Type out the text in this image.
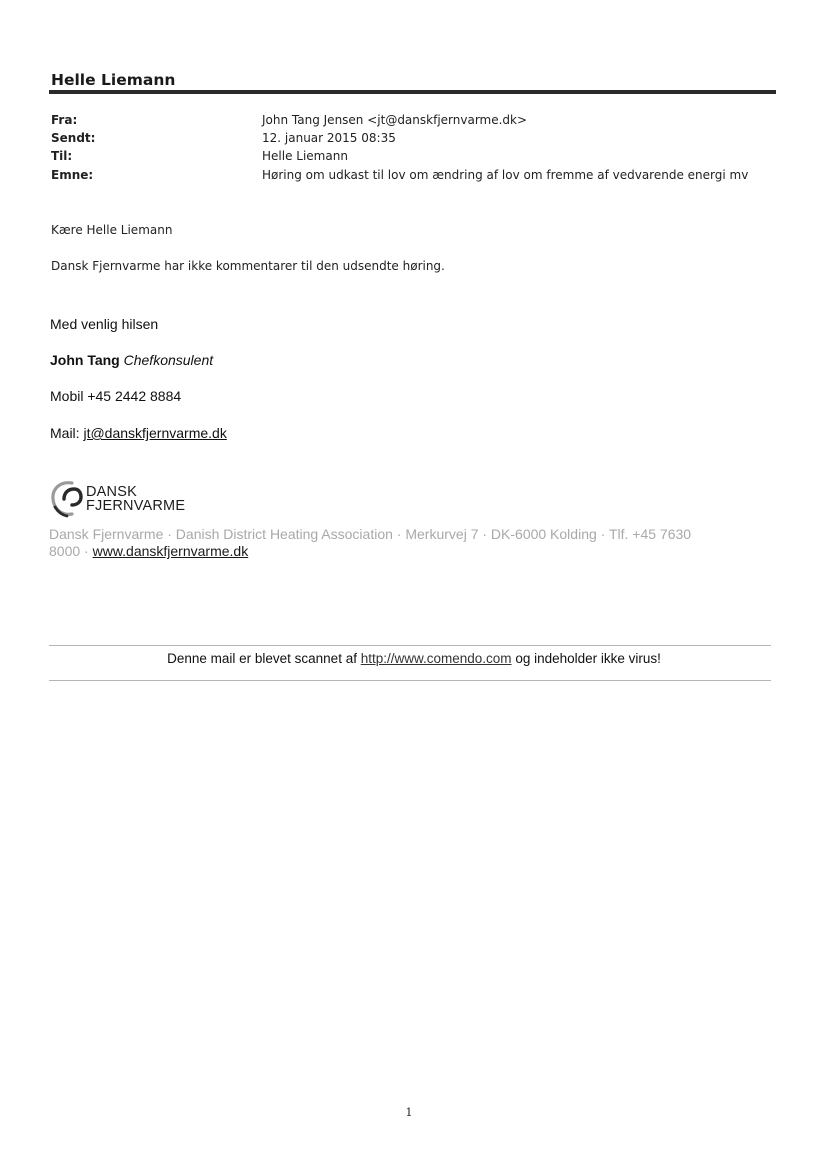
Helle Liemann
Fra:	John Tang Jensen <jt@danskfjernvarme.dk>
Sendt:	12. januar 2015 08:35
Til:	Helle Liemann
Emne:	Høring om udkast til lov om ændring af lov om fremme af vedvarende energi mv
Kære Helle Liemann
Dansk Fjernvarme har ikke kommentarer til den udsendte høring.
Med venlig hilsen
John Tang Chefkonsulent
Mobil +45 2442 8884
Mail: jt@danskfjernvarme.dk
DANSK
FJERNVARME
Dansk Fjernvarme · Danish District Heating Association · Merkurvej 7 · DK-6000 Kolding · Tlf. +45 7630
8000 · www.danskfjernvarme.dk
Denne mail er blevet scannet af http://www.comendo.com og indeholder ikke virus!
1
